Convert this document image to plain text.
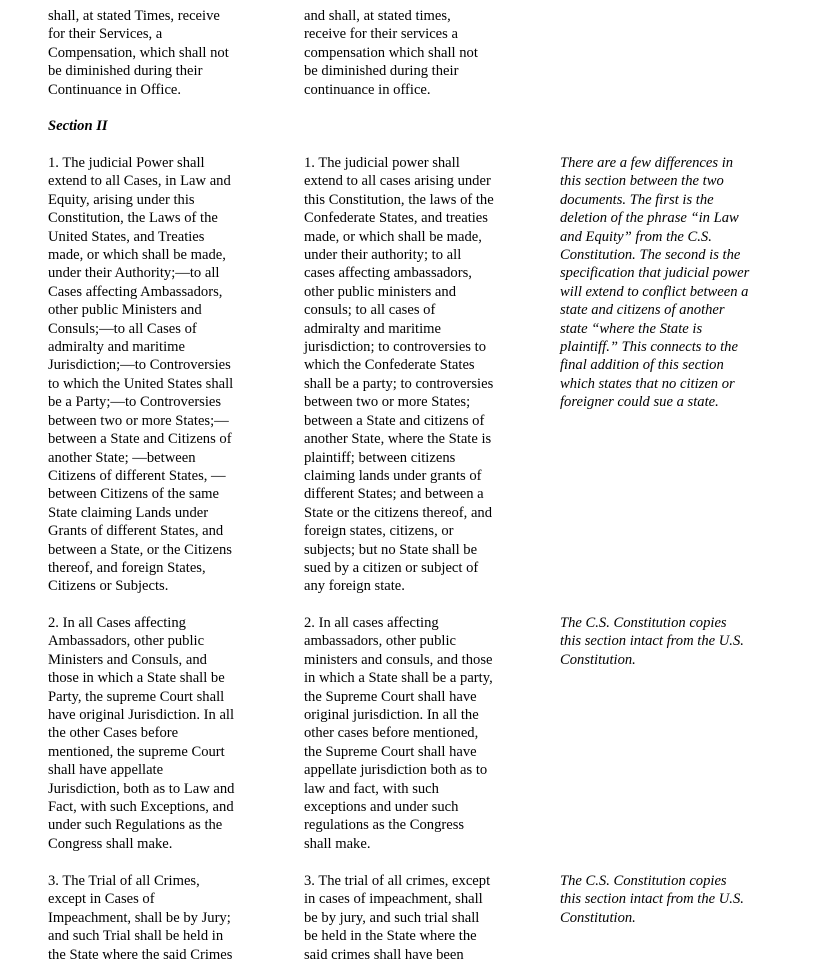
shall, at stated Times, receive
for their Services, a
Compensation, which shall not
be diminished during their
Continuance in Office.

and shall, at stated times,
receive for their services a
compensation which shall not
be diminished during their
continuance in office.

Section II

1. The judicial Power shall
extend to all Cases, in Law and
Equity, arising under this
Constitution, the Laws of the
United States, and Treaties
made, or which shall be made,
under their Authority;—to all
Cases affecting Ambassadors,
other public Ministers and
Consuls;—to all Cases of
admiralty and maritime
Jurisdiction;—to Controversies
to which the United States shall
be a Party;—to Controversies
between two or more States;—
between a State and Citizens of
another State; —between
Citizens of different States, —
between Citizens of the same
State claiming Lands under
Grants of different States, and
between a State, or the Citizens
thereof, and foreign States,
Citizens or Subjects.

1. The judicial power shall
extend to all cases arising under
this Constitution, the laws of the
Confederate States, and treaties
made, or which shall be made,
under their authority; to all
cases affecting ambassadors,
other public ministers and
consuls; to all cases of
admiralty and maritime
jurisdiction; to controversies to
which the Confederate States
shall be a party; to controversies
between two or more States;
between a State and citizens of
another State, where the State is
plaintiff; between citizens
claiming lands under grants of
different States; and between a
State or the citizens thereof, and
foreign states, citizens, or
subjects; but no State shall be
sued by a citizen or subject of
any foreign state.

There are a few differences in
this section between the two
documents. The first is the
deletion of the phrase “in Law
and Equity” from the C.S.
Constitution. The second is the
specification that judicial power
will extend to conflict between a
state and citizens of another
state “where the State is
plaintiff.” This connects to the
final addition of this section
which states that no citizen or
foreigner could sue a state.

2. In all Cases affecting
Ambassadors, other public
Ministers and Consuls, and
those in which a State shall be
Party, the supreme Court shall
have original Jurisdiction. In all
the other Cases before
mentioned, the supreme Court
shall have appellate
Jurisdiction, both as to Law and
Fact, with such Exceptions, and
under such Regulations as the
Congress shall make.

2. In all cases affecting
ambassadors, other public
ministers and consuls, and those
in which a State shall be a party,
the Supreme Court shall have
original jurisdiction. In all the
other cases before mentioned,
the Supreme Court shall have
appellate jurisdiction both as to
law and fact, with such
exceptions and under such
regulations as the Congress
shall make.

The C.S. Constitution copies
this section intact from the U.S.
Constitution.

3. The Trial of all Crimes,
except in Cases of
Impeachment, shall be by Jury;
and such Trial shall be held in
the State where the said Crimes

3. The trial of all crimes, except
in cases of impeachment, shall
be by jury, and such trial shall
be held in the State where the
said crimes shall have been

The C.S. Constitution copies
this section intact from the U.S.
Constitution.
